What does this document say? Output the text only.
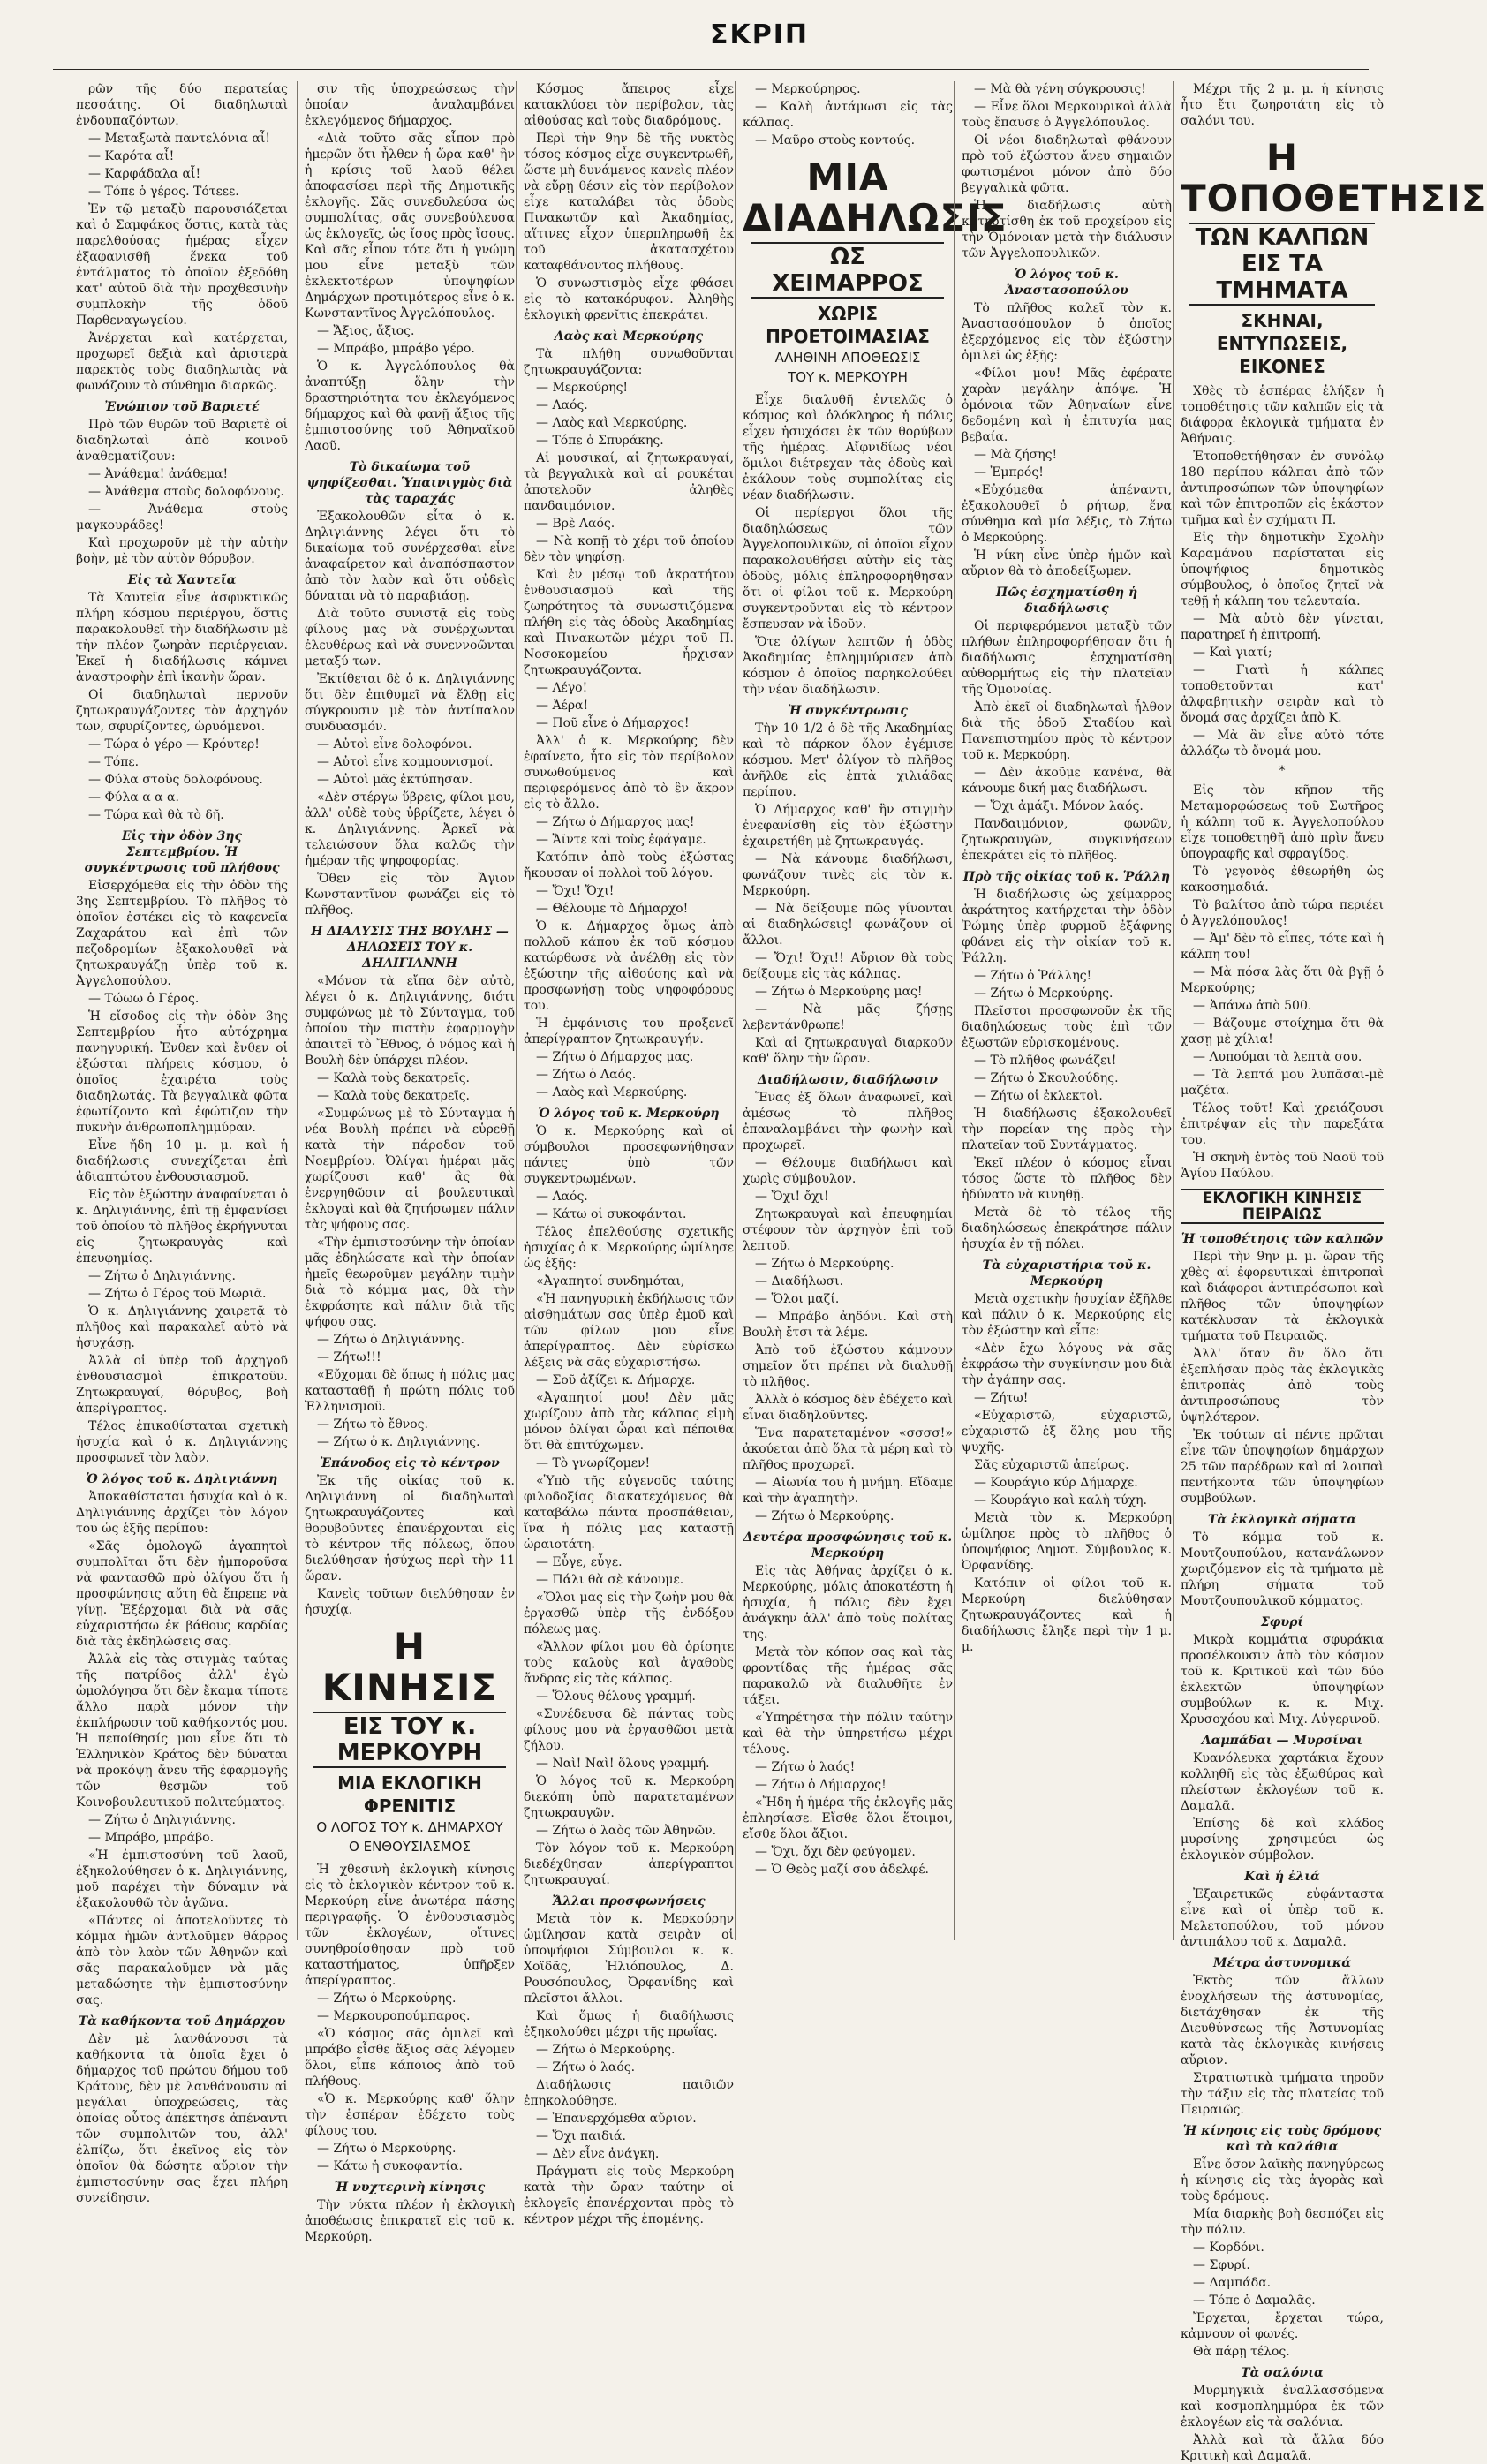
ΣΚΡΙΠ

ρῶν τῆς δύο περατείας πεσσάτης. Οἱ διαδηλωταὶ ἐνδουπαζόντων.

— Μεταξωτὰ παντελόνια αἶ!

— Καρότα αἶ!

— Καρφάδαλα αἶ!

— Τόπε ὁ γέρος. Τότεεε.

Ἐν τῷ μεταξὺ παρουσιάζεται καὶ ὁ Σαμφάκος ὅστις, κατὰ τὰς παρελθούσας ἡμέρας εἶχεν ἐξαφανισθῆ ἕνεκα τοῦ ἐντάλματος τὸ ὁποῖον ἐξεδόθη κατ' αὐτοῦ διὰ τὴν προχθεσινὴν συμπλοκὴν τῆς ὁδοῦ Παρθεναγωγείου.

Ἀνέρχεται καὶ κατέρχεται, προχωρεῖ δεξιὰ καὶ ἀριστερὰ παρεκτὸς τοὺς διαδηλωτὰς νὰ φωνάζουν τὸ σύνθημα διαρκῶς.

Ἐνώπιον τοῦ Βαριετέ

Πρὸ τῶν θυρῶν τοῦ Βαριετὲ οἱ διαδηλωταὶ ἀπὸ κοινοῦ ἀναθεματίζουν:

— Ἀνάθεμα! ἀνάθεμα!

— Ἀνάθεμα στοὺς δολοφόνους.

— Ἀνάθεμα στοὺς μαγκουράδες!

Καὶ προχωροῦν μὲ τὴν αὐτὴν βοὴν, μὲ τὸν αὐτὸν θόρυβον.

Εἰς τὰ Χαυτεῖα

Τὰ Χαυτεῖα εἶνε ἀσφυκτικῶς πλήρη κόσμου περιέργου, ὅστις παρακολουθεῖ τὴν διαδήλωσιν μὲ τὴν πλέον ζωηρὰν περιέργειαν. Ἐκεῖ ἡ διαδήλωσις κάμνει ἀναστροφὴν ἐπὶ ἱκανὴν ὥραν.

Οἱ διαδηλωταὶ περνοῦν ζητωκραυγάζοντες τὸν ἀρχηγόν των, σφυρίζοντες, ὠρυόμενοι.

— Τώρα ὁ γέρο — Κρόυτερ!

— Τόπε.

— Φύλα στοὺς δολοφόνους.

— Φύλα α α α.

— Τώρα καὶ θὰ τὸ δῆ.

Εἰς τὴν ὁδὸν 3ης Σεπτεμβρίου. Ἡ συγκέντρωσις τοῦ πλήθους

Εἰσερχόμεθα εἰς τὴν ὁδὸν τῆς 3ης Σεπτεμβρίου. Τὸ πλῆθος τὸ ὁποῖον ἐστέκει εἰς τὸ καφενεῖα Ζαχαράτου καὶ ἐπὶ τῶν πεζοδρομίων ἐξακολουθεῖ νὰ ζητωκραυγάζῃ ὑπὲρ τοῦ κ. Ἀγγελοπούλου.

— Τώωω ὁ Γέρος.

Ἡ εἴσοδος εἰς τὴν ὁδὸν 3ης Σεπτεμβρίου ἦτο αὐτόχρημα πανηγυρική. Ἐνθεν καὶ ἔνθεν οἱ ἐξώσται πλήρεις κόσμου, ὁ ὁποῖος ἐχαιρέτα τοὺς διαδηλωτάς. Τὰ βεγγαλικὰ φῶτα ἐφωτίζοντο καὶ ἐφώτιζον τὴν πυκνὴν ἀνθρωποπλημμύραν.

Εἶνε ἤδη 10 μ. μ. καὶ ἡ διαδήλωσις συνεχίζεται ἐπὶ ἀδιαπτώτου ἐνθουσιασμοῦ.

Εἰς τὸν ἐξώστην ἀναφαίνεται ὁ κ. Δηλιγιάννης, ἐπὶ τῇ ἐμφανίσει τοῦ ὁποίου τὸ πλῆθος ἐκρήγνυται εἰς ζητωκραυγὰς καὶ ἐπευφημίας.

— Ζήτω ὁ Δηλιγιάννης.

— Ζήτω ὁ Γέρος τοῦ Μωριᾶ.

Ὁ κ. Δηλιγιάννης χαιρετᾷ τὸ πλῆθος καὶ παρακαλεῖ αὐτὸ νὰ ἡσυχάσῃ.

Ἀλλὰ οἱ ὑπὲρ τοῦ ἀρχηγοῦ ἐνθουσιασμοὶ ἐπικρατοῦν. Ζητωκραυγαί, θόρυβος, βοὴ ἀπερίγραπτος.

Τέλος ἐπικαθίσταται σχετικὴ ἡσυχία καὶ ὁ κ. Δηλιγιάννης προσφωνεῖ τὸν λαὸν.

Ὁ λόγος τοῦ κ. Δηλιγιάννη

Ἀποκαθίσταται ἡσυχία καὶ ὁ κ. Δηλιγιάννης ἀρχίζει τὸν λόγον του ὡς ἑξῆς περίπου:

«Σᾶς ὁμολογῶ ἀγαπητοὶ συμπολῖται ὅτι δὲν ἠμποροῦσα νὰ φαντασθῶ πρὸ ὀλίγου ὅτι ἡ προσφώνησις αὕτη θὰ ἔπρεπε νὰ γίνῃ. Ἐξέρχομαι διὰ νὰ σᾶς εὐχαριστήσω ἐκ βάθους καρδίας διὰ τὰς ἐκδηλώσεις σας.

Ἀλλὰ εἰς τὰς στιγμὰς ταύτας τῆς πατρίδος ἀλλ' ἐγὼ ὡμολόγησα ὅτι δὲν ἔκαμα τίποτε ἄλλο παρὰ μόνον τὴν ἐκπλήρωσιν τοῦ καθήκοντός μου. Ἡ πεποίθησίς μου εἶνε ὅτι τὸ Ἑλληνικὸν Κράτος δὲν δύναται νὰ προκόψῃ ἄνευ τῆς ἐφαρμογῆς τῶν θεσμῶν τοῦ Κοινοβουλευτικοῦ πολιτεύματος.

— Ζήτω ὁ Δηλιγιάννης.

— Μπράβο, μπράβο.

«Ἡ ἐμπιστοσύνη τοῦ λαοῦ, ἐξηκολούθησεν ὁ κ. Δηλιγιάννης, μοῦ παρέχει τὴν δύναμιν νὰ ἐξακολουθῶ τὸν ἀγῶνα.

«Πάντες οἱ ἀποτελοῦντες τὸ κόμμα ἡμῶν ἀντλοῦμεν θάρρος ἀπὸ τὸν λαὸν τῶν Ἀθηνῶν καὶ σᾶς παρακαλοῦμεν νὰ μᾶς μεταδώσητε τὴν ἐμπιστοσύνην σας.

Τὰ καθήκοντα τοῦ Δημάρχου

Δὲν μὲ λανθάνουσι τὰ καθήκοντα τὰ ὁποῖα ἔχει ὁ δήμαρχος τοῦ πρώτου δήμου τοῦ Κράτους, δὲν μὲ λανθάνουσιν αἱ μεγάλαι ὑποχρεώσεις, τὰς ὁποίας οὗτος ἀπέκτησε ἀπέναντι τῶν συμπολιτῶν του, ἀλλ' ἐλπίζω, ὅτι ἐκεῖνος εἰς τὸν ὁποῖον θὰ δώσητε αὔριον τὴν ἐμπιστοσύνην σας ἔχει πλήρη συνείδησιν.

σιν τῆς ὑποχρεώσεως τὴν ὁποίαν ἀναλαμβάνει ἐκλεγόμενος δήμαρχος.

«Διὰ τοῦτο σᾶς εἶπον πρὸ ἡμερῶν ὅτι ἦλθεν ἡ ὥρα καθ' ἣν ἡ κρίσις τοῦ λαοῦ θέλει ἀποφασίσει περὶ τῆς Δημοτικῆς ἐκλογῆς. Σᾶς συνεδυλεύσα ὡς συμπολίτας, σᾶς συνεβούλευσα ὡς ἐκλογεῖς, ὡς ἴσος πρὸς ἴσους. Καὶ σᾶς εἶπον τότε ὅτι ἡ γνώμη μου εἶνε μεταξὺ τῶν ἐκλεκτοτέρων ὑποψηφίων Δημάρχων προτιμότερος εἶνε ὁ κ. Κωνσταντῖνος Ἀγγελόπουλος.

— Ἄξιος, ἄξιος.

— Μπράβο, μπράβο γέρο.

Ὁ κ. Ἀγγελόπουλος θὰ ἀναπτύξῃ ὅλην τὴν δραστηριότητα του ἐκλεγόμενος δήμαρχος καὶ θὰ φανῇ ἄξιος τῆς ἐμπιστοσύνης τοῦ Ἀθηναϊκοῦ Λαοῦ.

Τὸ δικαίωμα τοῦ ψηφίζεσθαι. Ὑπαινιγμὸς διὰ τὰς ταραχάς

Ἐξακολουθῶν εἶτα ὁ κ. Δηλιγιάννης λέγει ὅτι τὸ δικαίωμα τοῦ συνέρχεσθαι εἶνε ἀναφαίρετον καὶ ἀναπόσπαστον ἀπὸ τὸν λαὸν καὶ ὅτι οὐδεὶς δύναται νὰ τὸ παραβιάσῃ.

Διὰ τοῦτο συνιστᾷ εἰς τοὺς φίλους μας νὰ συνέρχωνται ἐλευθέρως καὶ νὰ συνεννοῶνται μεταξύ των.

Ἐκτίθεται δὲ ὁ κ. Δηλιγιάννης ὅτι δὲν ἐπιθυμεῖ νὰ ἔλθῃ εἰς σύγκρουσιν μὲ τὸν ἀντίπαλον συνδυασμόν.

— Αὐτοὶ εἶνε δολοφόνοι.

— Αὐτοὶ εἶνε κομμουνισμοί.

— Αὐτοὶ μᾶς ἐκτύπησαν.

«Δὲν στέργω ὕβρεις, φίλοι μου, ἀλλ' οὐδὲ τοὺς ὑβρίζετε, λέγει ὁ κ. Δηλιγιάννης. Ἀρκεῖ νὰ τελειώσουν ὅλα καλῶς τὴν ἡμέραν τῆς ψηφοφορίας.

Ὅθεν εἰς τὸν Ἅγιον Κωνσταντῖνον φωνάζει εἰς τὸ πλῆθος.

Η ΔΙΑΛΥΣΙΣ ΤΗΣ ΒΟΥΛΗΣ — ΔΗΛΩΣΕΙΣ ΤΟΥ κ. ΔΗΛΙΓΙΑΝΝΗ

«Μόνον τὰ εἴπα δὲν αὐτὸ, λέγει ὁ κ. Δηλιγιάννης, διότι συμφώνως μὲ τὸ Σύνταγμα, τοῦ ὁποίου τὴν πιστὴν ἐφαρμογὴν ἀπαιτεῖ τὸ Ἔθνος, ὁ νόμος καὶ ἡ Βουλὴ δὲν ὑπάρχει πλέον.

— Καλὰ τοὺς δεκατρεῖς.

— Καλὰ τοὺς δεκατρεῖς.

«Συμφώνως μὲ τὸ Σύνταγμα ἡ νέα Βουλὴ πρέπει νὰ εὑρεθῇ κατὰ τὴν πάροδον τοῦ Νοεμβρίου. Ὀλίγαι ἡμέραι μᾶς χωρίζουσι καθ' ἃς θὰ ἐνεργηθῶσιν αἱ βουλευτικαὶ ἐκλογαὶ καὶ θὰ ζητήσωμεν πάλιν τὰς ψήφους σας.

«Τὴν ἐμπιστοσύνην τὴν ὁποίαν μᾶς ἐδηλώσατε καὶ τὴν ὁποίαν ἠμεῖς θεωροῦμεν μεγάλην τιμὴν διὰ τὸ κόμμα μας, θὰ τὴν ἐκφράσητε καὶ πάλιν διὰ τῆς ψήφου σας.

— Ζήτω ὁ Δηλιγιάννης.

— Ζήτω!!!

«Εὔχομαι δὲ ὅπως ἡ πόλις μας κατασταθῇ ἡ πρώτη πόλις τοῦ Ἑλληνισμοῦ.

— Ζήτω τὸ ἔθνος.

— Ζήτω ὁ κ. Δηλιγιάννης.

Ἐπάνοδος εἰς τὸ κέντρον

Ἐκ τῆς οἰκίας τοῦ κ. Δηλιγιάννη οἱ διαδηλωταὶ ζητωκραυγάζοντες καὶ θορυβοῦντες ἐπανέρχονται εἰς τὸ κέντρον τῆς πόλεως, ὅπου διελύθησαν ἡσύχως περὶ τὴν 11 ὥραν.

Κανεὶς τοῦτων διελύθησαν ἐν ἡσυχίᾳ.

Η ΚΙΝΗΣΙΣ
ΕΙΣ ΤΟΥ κ. ΜΕΡΚΟΥΡΗ
ΜΙΑ ΕΚΛΟΓΙΚΗ ΦΡΕΝΙΤΙΣ
Ο ΛΟΓΟΣ ΤΟΥ κ. ΔΗΜΑΡΧΟΥ
Ο ΕΝΘΟΥΣΙΑΣΜΟΣ

Ἡ χθεσινὴ ἐκλογικὴ κίνησις εἰς τὸ ἐκλογικὸν κέντρον τοῦ κ. Μερκούρη εἶνε ἀνωτέρα πάσης περιγραφῆς. Ὁ ἐνθουσιασμὸς τῶν ἐκλογέων, οἵτινες συνηθροίσθησαν πρὸ τοῦ καταστήματος, ὑπῆρξεν ἀπερίγραπτος.

— Ζήτω ὁ Μερκούρης.

— Μερκουροπούμπαρος.

«Ὁ κόσμος σᾶς ὁμιλεῖ καὶ μπράβο εἶσθε ἄξιος σᾶς λέγομεν ὅλοι, εἶπε κάποιος ἀπὸ τοῦ πλήθους.

«Ὁ κ. Μερκούρης καθ' ὅλην τὴν ἑσπέραν ἐδέχετο τοὺς φίλους του.

— Ζήτω ὁ Μερκούρης.

— Κάτω ἡ συκοφαντία.

Ἡ νυχτερινὴ κίνησις

Τὴν νύκτα πλέον ἡ ἐκλογικὴ ἀποθέωσις ἐπικρατεῖ εἰς τοῦ κ. Μερκούρη.

Κόσμος ἄπειρος εἶχε κατακλύσει τὸν περίβολον, τὰς αἰθούσας καὶ τοὺς διαδρόμους.

Περὶ τὴν 9ην δὲ τῆς νυκτὸς τόσος κόσμος εἶχε συγκεντρωθῆ, ὥστε μὴ δυνάμενος κανεὶς πλέον νὰ εὕρῃ θέσιν εἰς τὸν περίβολον εἶχε καταλάβει τὰς ὁδοὺς Πινακωτῶν καὶ Ἀκαδημίας, αἵτινες εἶχον ὑπερπληρωθῆ ἐκ τοῦ ἀκατασχέτου καταφθάνοντος πλήθους.

Ὁ συνωστισμὸς εἶχε φθάσει εἰς τὸ κατακόρυφον. Ἀληθὴς ἐκλογικὴ φρενῖτις ἐπεκράτει.

Λαὸς καὶ Μερκούρης

Τὰ πλήθη συνωθοῦνται ζητωκραυγάζοντα:

— Μερκούρης!

— Λαός.

— Λαὸς καὶ Μερκούρης.

— Τόπε ὁ Σπυράκης.

Αἱ μουσικαί, αἱ ζητωκραυγαί, τὰ βεγγαλικὰ καὶ αἱ ρουκέται ἀποτελοῦν ἀληθὲς πανδαιμόνιον.

— Βρὲ Λαός.

— Νὰ κοπῇ τὸ χέρι τοῦ ὁποίου δὲν τὸν ψηφίσῃ.

Καὶ ἐν μέσῳ τοῦ ἀκρατήτου ἐνθουσιασμοῦ καὶ τῆς ζωηρότητος τὰ συνωστιζόμενα πλήθη εἰς τὰς ὁδοὺς Ἀκαδημίας καὶ Πινακωτῶν μέχρι τοῦ Π. Νοσοκομείου ἦρχισαν ζητωκραυγάζοντα.

— Λέγο!

— Ἀέρα!

— Ποῦ εἶνε ὁ Δήμαρχος!

Ἀλλ' ὁ κ. Μερκούρης δὲν ἐφαίνετο, ἦτο εἰς τὸν περίβολον συνωθούμενος καὶ περιφερόμενος ἀπὸ τὸ ἓν ἄκρον εἰς τὸ ἄλλο.

— Ζήτω ὁ Δήμαρχος μας!

— Ἄϊντε καὶ τοὺς ἐφάγαμε.

Κατόπιν ἀπὸ τοὺς ἐξώστας ἤκουσαν οἱ πολλοὶ τοῦ λόγου.

— Ὄχι! Ὄχι!

— Θέλουμε τὸ Δήμαρχο!

Ὁ κ. Δήμαρχος ὅμως ἀπὸ πολλοῦ κάπου ἐκ τοῦ κόσμου κατώρθωσε νὰ ἀνέλθῃ εἰς τὸν ἐξώστην τῆς αἰθούσης καὶ νὰ προσφωνήσῃ τοὺς ψηφοφόρους του.

Ἡ ἐμφάνισις του προξενεῖ ἀπερίγραπτον ζητωκραυγήν.

— Ζήτω ὁ Δήμαρχος μας.

— Ζήτω ὁ Λαός.

— Λαὸς καὶ Μερκούρης.

Ὁ λόγος τοῦ κ. Μερκούρη

Ὁ κ. Μερκούρης καὶ οἱ σύμβουλοι προσεφωνήθησαν πάντες ὑπὸ τῶν συγκεντρωμένων.

— Λαός.

— Κάτω οἱ συκοφάνται.

Τέλος ἐπελθούσης σχετικῆς ἡσυχίας ὁ κ. Μερκούρης ὡμίλησε ὡς ἑξῆς:

«Ἀγαπητοί συνδημόται,

«Ἡ πανηγυρικὴ ἐκδήλωσις τῶν αἰσθημάτων σας ὑπὲρ ἐμοῦ καὶ τῶν φίλων μου εἶνε ἀπερίγραπτος. Δὲν εὑρίσκω λέξεις νὰ σᾶς εὐχαριστήσω.

— Σοῦ ἀξίζει κ. Δήμαρχε.

«Ἀγαπητοί μου! Δὲν μᾶς χωρίζουν ἀπὸ τὰς κάλπας εἰμὴ μόνον ὀλίγαι ὧραι καὶ πέποιθα ὅτι θὰ ἐπιτύχωμεν.

— Τὸ γνωρίζομεν!

«Ὑπὸ τῆς εὐγενοῦς ταύτης φιλοδοξίας διακατεχόμενος θὰ καταβάλω πάντα προσπάθειαν, ἵνα ἡ πόλις μας καταστῇ ὡραιοτάτη.

— Εὖγε, εὖγε.

— Πάλι θὰ σὲ κάνουμε.

«Ὅλοι μας εἰς τὴν ζωὴν μου θὰ ἐργασθῶ ὑπὲρ τῆς ἐνδόξου πόλεως μας.

«Ἄλλον φίλοι μου θὰ ὁρίσητε τοὺς καλοὺς καὶ ἀγαθοὺς ἄνδρας εἰς τὰς κάλπας.

— Ὅλους θέλους γραμμή.

«Συνέδευσα δὲ πάντας τοὺς φίλους μου νὰ ἐργασθῶσι μετὰ ζήλου.

— Ναὶ! Ναὶ! ὅλους γραμμή.

Ὁ λόγος τοῦ κ. Μερκούρη διεκόπη ὑπὸ παρατεταμένων ζητωκραυγῶν.

— Ζήτω ὁ λαὸς τῶν Ἀθηνῶν.

Τὸν λόγον τοῦ κ. Μερκούρη διεδέχθησαν ἀπερίγραπτοι ζητωκραυγαί.

Ἄλλαι προσφωνήσεις

Μετὰ τὸν κ. Μερκούρην ὡμίλησαν κατὰ σειρὰν οἱ ὑποψήφιοι Σύμβουλοι κ. κ. Χοϊδᾶς, Ἠλιόπουλος, Δ. Ρουσόπουλος, Ὀρφανίδης καὶ πλεῖστοι ἄλλοι.

Καὶ ὅμως ἡ διαδήλωσις ἐξηκολούθει μέχρι τῆς πρωΐας.

— Ζήτω ὁ Μερκούρης.

— Ζήτω ὁ λαός.

Διαδήλωσις παιδιῶν ἐπηκολούθησε.

— Ἐπανερχόμεθα αὔριον.

— Ὄχι παιδιά.

— Δὲν εἶνε ἀνάγκη.

Πράγματι εἰς τοὺς Μερκούρη κατὰ τὴν ὥραν ταύτην οἱ ἐκλογεῖς ἐπανέρχονται πρὸς τὸ κέντρον μέχρι τῆς ἐπομένης.

— Μερκούρηρος.

— Καλὴ ἀντάμωσι εἰς τὰς κάλπας.

— Μαῦρο στοὺς κοντούς.

ΜΙΑ ΔΙΑΔΗΛΩΣΙΣ
ΩΣ ΧΕΙΜΑΡΡΟΣ
ΧΩΡΙΣ ΠΡΟΕΤΟΙΜΑΣΙΑΣ
ΑΛΗΘΙΝΗ ΑΠΟΘΕΩΣΙΣ
ΤΟΥ κ. ΜΕΡΚΟΥΡΗ

Εἶχε διαλυθῆ ἐντελῶς ὁ κόσμος καὶ ὁλόκληρος ἡ πόλις εἶχεν ἡσυχάσει ἐκ τῶν θορύβων τῆς ἡμέρας. Αἴφνιδίως νέοι ὅμιλοι διέτρεχαν τὰς ὁδοὺς καὶ ἐκάλουν τοὺς συμπολίτας εἰς νέαν διαδήλωσιν.

Οἱ περίεργοι ὅλοι τῆς διαδηλώσεως τῶν Ἀγγελοπουλικῶν, οἱ ὁποῖοι εἶχον παρακολουθήσει αὐτὴν εἰς τὰς ὁδοὺς, μόλις ἐπληροφορήθησαν ὅτι οἱ φίλοι τοῦ κ. Μερκούρη συγκεντροῦνται εἰς τὸ κέντρον ἔσπευσαν νὰ ἰδοῦν.

Ὅτε ὀλίγων λεπτῶν ἡ ὁδὸς Ἀκαδημίας ἐπλημμύρισεν ἀπὸ κόσμον ὁ ὁποῖος παρηκολούθει τὴν νέαν διαδήλωσιν.

Ἡ συγκέντρωσις

Τὴν 10 1/2 ὁ δὲ τῆς Ἀκαδημίας καὶ τὸ πάρκον ὅλον ἐγέμισε κόσμου. Μετ' ὀλίγον τὸ πλῆθος ἀνῆλθε εἰς ἑπτὰ χιλιάδας περίπου.

Ὁ Δήμαρχος καθ' ἣν στιγμὴν ἐνεφανίσθη εἰς τὸν ἐξώστην ἐχαιρετήθη μὲ ζητωκραυγάς.

— Νὰ κάνουμε διαδήλωσι, φωνάζουν τινὲς εἰς τὸν κ. Μερκούρη.

— Νὰ δείξουμε πῶς γίνονται αἱ διαδηλώσεις! φωνάζουν οἱ ἄλλοι.

— Ὄχι! Ὄχι!! Αὔριον θὰ τοὺς δείξουμε εἰς τὰς κάλπας.

— Ζήτω ὁ Μερκούρης μας!

— Νὰ μᾶς ζήσῃς λεβεντάνθρωπε!

Καὶ αἱ ζητωκραυγαὶ διαρκοῦν καθ' ὅλην τὴν ὥραν.

Διαδήλωσιν, διαδήλωσιν

Ἕνας ἐξ ὅλων ἀναφωνεῖ, καὶ ἀμέσως τὸ πλῆθος ἐπαναλαμβάνει τὴν φωνὴν καὶ προχωρεῖ.

— Θέλουμε διαδήλωσι καὶ χωρὶς σύμβουλον.

— Ὄχι! ὄχι!

Ζητωκραυγαὶ καὶ ἐπευφημίαι στέφουν τὸν ἀρχηγὸν ἐπὶ τοῦ λεπτοῦ.

— Ζήτω ὁ Μερκούρης.

— Διαδήλωσι.

— Ὅλοι μαζί.

— Μπράβο ἀηδόνι. Καὶ στὴ Βουλὴ ἔτσι τὰ λέμε.

Ἀπὸ τοῦ ἐξώστου κάμνουν σημεῖον ὅτι πρέπει νὰ διαλυθῇ τὸ πλῆθος.

Ἀλλὰ ὁ κόσμος δὲν ἐδέχετο καὶ εἶναι διαδηλοῦντες.

Ἕνα παρατεταμένον «σσσσ!» ἀκούεται ἀπὸ ὅλα τὰ μέρη καὶ τὸ πλῆθος προχωρεῖ.

— Αἰωνία του ἡ μνήμη. Εἴδαμε καὶ τὴν ἀγαπητὴν.

— Ζήτω ὁ Μερκούρης.

Δευτέρα προσφώνησις τοῦ κ. Μερκούρη

Εἰς τὰς Ἀθήνας ἀρχίζει ὁ κ. Μερκούρης, μόλις ἀποκατέστη ἡ ἡσυχία, ἡ πόλις δὲν ἔχει ἀνάγκην ἀλλ' ἀπὸ τοὺς πολίτας της.

Μετὰ τὸν κόπον σας καὶ τὰς φροντίδας τῆς ἡμέρας σᾶς παρακαλῶ νὰ διαλυθῆτε ἐν τάξει.

«Ὑπηρέτησα τὴν πόλιν ταύτην καὶ θὰ τὴν ὑπηρετήσω μέχρι τέλους.

— Ζήτω ὁ λαός!

— Ζήτω ὁ Δήμαρχος!

«Ἤδη ἡ ἡμέρα τῆς ἐκλογῆς μᾶς ἐπλησίασε. Εἴσθε ὅλοι ἕτοιμοι, εἴσθε ὅλοι ἄξιοι.

— Ὄχι, ὄχι δὲν φεύγομεν.

— Ὁ Θεὸς μαζί σου ἀδελφέ.

— Μὰ θὰ γένη σύγκρουσις!

— Εἶνε ὅλοι Μερκουρικοὶ ἀλλὰ τοὺς ἔπαυσε ὁ Ἀγγελόπουλος.

Οἱ νέοι διαδηλωταὶ φθάνουν πρὸ τοῦ ἐξώστου ἄνευ σημαιῶν φωτισμένοι μόνον ἀπὸ δύο βεγγαλικὰ φῶτα.

Ἡ διαδήλωσις αὐτὴ κατηρτίσθη ἐκ τοῦ προχείρου εἰς τὴν Ὁμόνοιαν μετὰ τὴν διάλυσιν τῶν Ἀγγελοπουλικῶν.

Ὁ λόγος τοῦ κ. Ἀναστασοπούλου

Τὸ πλῆθος καλεῖ τὸν κ. Ἀναστασόπουλον ὁ ὁποῖος ἐξερχόμενος εἰς τὸν ἐξώστην ὁμιλεῖ ὡς ἑξῆς:

«Φίλοι μου! Μᾶς ἐφέρατε χαρὰν μεγάλην ἀπόψε. Ἡ ὁμόνοια τῶν Ἀθηναίων εἶνε δεδομένη καὶ ἡ ἐπιτυχία μας βεβαία.

— Μὰ ζήσης!

— Ἐμπρός!

«Εὐχόμεθα ἀπέναντι, ἐξακολουθεῖ ὁ ρήτωρ, ἕνα σύνθημα καὶ μία λέξις, τὸ Ζήτω ὁ Μερκούρης.

Ἡ νίκη εἶνε ὑπὲρ ἡμῶν καὶ αὔριον θὰ τὸ ἀποδείξωμεν.

Πῶς ἐσχηματίσθη ἡ διαδήλωσις

Οἱ περιφερόμενοι μεταξὺ τῶν πλήθων ἐπληροφορήθησαν ὅτι ἡ διαδήλωσις ἐσχηματίσθη αὐθορμήτως εἰς τὴν πλατεῖαν τῆς Ὁμονοίας.

Ἀπὸ ἐκεῖ οἱ διαδηλωταὶ ἦλθον διὰ τῆς ὁδοῦ Σταδίου καὶ Πανεπιστημίου πρὸς τὸ κέντρον τοῦ κ. Μερκούρη.

— Δὲν ἀκοῦμε κανένα, θὰ κάνουμε δική μας διαδήλωσι.

— Ὄχι ἀμάξι. Μόνον λαός.

Πανδαιμόνιον, φωνῶν, ζητωκραυγῶν, συγκινήσεων ἐπεκράτει εἰς τὸ πλῆθος.

Πρὸ τῆς οἰκίας τοῦ κ. Ῥάλλη

Ἡ διαδήλωσις ὡς χείμαρρος ἀκράτητος κατήρχεται τὴν ὁδὸν Ῥώμης ὑπὲρ φυρμοῦ ἐξάφνης φθάνει εἰς τὴν οἰκίαν τοῦ κ. Ῥάλλη.

— Ζήτω ὁ Ῥάλλης!

— Ζήτω ὁ Μερκούρης.

Πλεῖστοι προσφωνοῦν ἐκ τῆς διαδηλώσεως τοὺς ἐπὶ τῶν ἐξωστῶν εὑρισκομένους.

— Τὸ πλῆθος φωνάζει!

— Ζήτω ὁ Σκουλούδης.

— Ζήτω οἱ ἐκλεκτοὶ.

Ἡ διαδήλωσις ἐξακολουθεῖ τὴν πορείαν της πρὸς τὴν πλατεῖαν τοῦ Συντάγματος.

Ἐκεῖ πλέον ὁ κόσμος εἶναι τόσος ὥστε τὸ πλῆθος δὲν ἠδύνατο νὰ κινηθῇ.

Μετὰ δὲ τὸ τέλος τῆς διαδηλώσεως ἐπεκράτησε πάλιν ἡσυχία ἐν τῇ πόλει.

Τὰ εὐχαριστήρια τοῦ κ. Μερκούρη

Μετὰ σχετικὴν ἡσυχίαν ἐξῆλθε καὶ πάλιν ὁ κ. Μερκούρης εἰς τὸν ἐξώστην καὶ εἶπε:

«Δὲν ἔχω λόγους νὰ σᾶς ἐκφράσω τὴν συγκίνησιν μου διὰ τὴν ἀγάπην σας.

— Ζήτω!

«Εὐχαριστῶ, εὐχαριστῶ, εὐχαριστῶ ἐξ ὅλης μου τῆς ψυχῆς.

Σᾶς εὐχαριστῶ ἀπείρως.

— Κουράγιο κύρ Δήμαρχε.

— Κουράγιο καὶ καλὴ τύχη.

Μετὰ τὸν κ. Μερκούρη ὡμίλησε πρὸς τὸ πλῆθος ὁ ὑποψήφιος Δημοτ. Σύμβουλος κ. Ὀρφανίδης.

Κατόπιν οἱ φίλοι τοῦ κ. Μερκούρη διελύθησαν ζητωκραυγάζοντες καὶ ἡ διαδήλωσις ἔληξε περὶ τὴν 1 μ. μ.

Μέχρι τῆς 2 μ. μ. ἡ κίνησις ἦτο ἔτι ζωηροτάτη εἰς τὸ σαλόνι του.

Η ΤΟΠΟΘΕΤΗΣΙΣ
ΤΩΝ ΚΑΛΠΩΝ ΕΙΣ ΤΑ ΤΜΗΜΑΤΑ
ΣΚΗΝΑΙ, ΕΝΤΥΠΩΣΕΙΣ, ΕΙΚΟΝΕΣ

Χθὲς τὸ ἑσπέρας ἐλήξεν ἡ τοποθέτησις τῶν καλπῶν εἰς τὰ διάφορα ἐκλογικὰ τμήματα ἐν Ἀθήναις.

Ἐτοποθετήθησαν ἐν συνόλῳ 180 περίπου κάλπαι ἀπὸ τῶν ἀντιπροσώπων τῶν ὑποψηφίων καὶ τῶν ἐπιτροπῶν εἰς ἑκάστον τμῆμα καὶ ἐν σχήματι Π.

Εἰς τὴν δημοτικὴν Σχολὴν Καραμάνου παρίσταται εἰς ὑποψήφιος δημοτικὸς σύμβουλος, ὁ ὁποῖος ζητεῖ νὰ τεθῇ ἡ κάλπη του τελευταία.

— Μὰ αὐτὸ δὲν γίνεται, παρατηρεῖ ἡ ἐπιτροπή.

— Καὶ γιατί;

— Γιατὶ ἡ κάλπες τοποθετοῦνται κατ' ἀλφαβητικὴν σειρὰν καὶ τὸ ὄνομά σας ἀρχίζει ἀπὸ Κ.

— Μὰ ἂν εἶνε αὐτὸ τότε ἀλλάζω τὸ ὄνομά μου.

*

Εἰς τὸν κῆπον τῆς Μεταμορφώσεως τοῦ Σωτῆρος ἡ κάλπη τοῦ κ. Ἀγγελοπούλου εἶχε τοποθετηθῆ ἀπὸ πρὶν ἄνευ ὑπογραφῆς καὶ σφραγίδος.

Τὸ γεγονὸς ἐθεωρήθη ὡς κακοσημαδιά.

Τὸ βαλίτσο ἀπὸ τώρα περιέει ὁ Ἀγγελόπουλος!

— Ἀμ' δὲν τὸ εἶπες, τότε καὶ ἡ κάλπη του!

— Μὰ πόσα λὰς ὅτι θὰ βγῇ ὁ Μερκούρης;

— Ἀπάνω ἀπὸ 500.

— Βάζουμε στοίχημα ὅτι θὰ χασῃ μὲ χίλια!

— Λυπούμαι τὰ λεπτὰ σου.

— Τὰ λεπτά μου λυπᾶσαι-μὲ μαζέτα.

Τέλος τοῦτ! Καὶ χρειάζουσι ἐπιτρέψαν εἰς τὴν παρεξάτα του.

Ἡ σκηνὴ ἐντὸς τοῦ Ναοῦ τοῦ Ἁγίου Παύλου.

ΕΚΛΟΓΙΚΗ ΚΙΝΗΣΙΣ ΠΕΙΡΑΙΩΣ
Ἡ τοποθέτησις τῶν καλπῶν

Περὶ τὴν 9ην μ. μ. ὥραν τῆς χθὲς αἱ ἐφορευτικαὶ ἐπιτροπαὶ καὶ διάφοροι ἀντιπρόσωποι καὶ πλῆθος τῶν ὑποψηφίων κατέκλυσαν τὰ ἐκλογικὰ τμήματα τοῦ Πειραιῶς.

Ἀλλ' ὅταν ἂν ὅλο ὅτι ἐξεπλήσαν πρὸς τὰς ἐκλογικὰς ἐπιτροπὰς ἀπὸ τοὺς ἀντιπροσώπους τὸν ὑψηλότερον.

Ἐκ τούτων αἱ πέντε πρῶται εἶνε τῶν ὑποψηφίων δημάρχων 25 τῶν παρέδρων καὶ αἱ λοιπαὶ πεντήκοντα τῶν ὑποψηφίων συμβούλων.

Τὰ ἐκλογικὰ σήματα

Τὸ κόμμα τοῦ κ. Μουτζουπούλου, κατανάλωνον χωριζόμενον εἰς τὰ τμήματα μὲ πλήρη σήματα τοῦ Μουτζουπουλικοῦ κόμματος.

Σφυρί

Μικρὰ κομμάτια σφυράκια προσέλκουσιν ἀπὸ τὸν κόσμον τοῦ κ. Κριτικοῦ καὶ τῶν δύο ἐκλεκτῶν ὑποψηφίων συμβούλων κ. κ. Μιχ. Χρυσοχόου καὶ Μιχ. Αὐγερινοῦ.

Λαμπάδαι — Μυρσίναι

Κυανόλευκα χαρτάκια ἔχουν κολληθῆ εἰς τὰς ἐξωθύρας καὶ πλείστων ἐκλογέων τοῦ κ. Δαμαλᾶ.

Ἐπίσης δὲ καὶ κλάδος μυρσίνης χρησιμεύει ὡς ἐκλογικὸν σύμβολον.

Καὶ ἡ ἐλιά

Ἐξαιρετικῶς εὐφάνταστα εἶνε καὶ οἱ ὑπὲρ τοῦ κ. Μελετοπούλου, τοῦ μόνου ἀντιπάλου τοῦ κ. Δαμαλᾶ.

Μέτρα ἀστυνομικά

Ἐκτὸς τῶν ἄλλων ἐνοχλήσεων τῆς ἀστυνομίας, διετάχθησαν ἐκ τῆς Διευθύνσεως τῆς Ἀστυνομίας κατὰ τὰς ἐκλογικὰς κινήσεις αὔριον.

Στρατιωτικὰ τμήματα τηροῦν τὴν τάξιν εἰς τὰς πλατείας τοῦ Πειραιῶς.

Ἡ κίνησις εἰς τοὺς δρόμους καὶ τὰ καλάθια

Εἶνε ὅσον λαϊκὴς πανηγύρεως ἡ κίνησις εἰς τὰς ἀγορὰς καὶ τοὺς δρόμους.

Μία διαρκὴς βοὴ δεσπόζει εἰς τὴν πόλιν.

— Κορδόνι.

— Σφυρί.

— Λαμπάδα.

— Τόπε ὁ Δαμαλᾶς.

Ἔρχεται, ἔρχεται τώρα, κἀμνουν οἱ φωνές.

Θὰ πάρῃ τέλος.

Τὰ σαλόνια

Μυρμηγκιὰ ἐναλλασσόμενα καὶ κοσμοπλημμύρα ἐκ τῶν ἐκλογέων εἰς τὰ σαλόνια.

Ἀλλὰ καὶ τὰ ἄλλα δύο Κριτικὴ καὶ Δαμαλᾶ.
